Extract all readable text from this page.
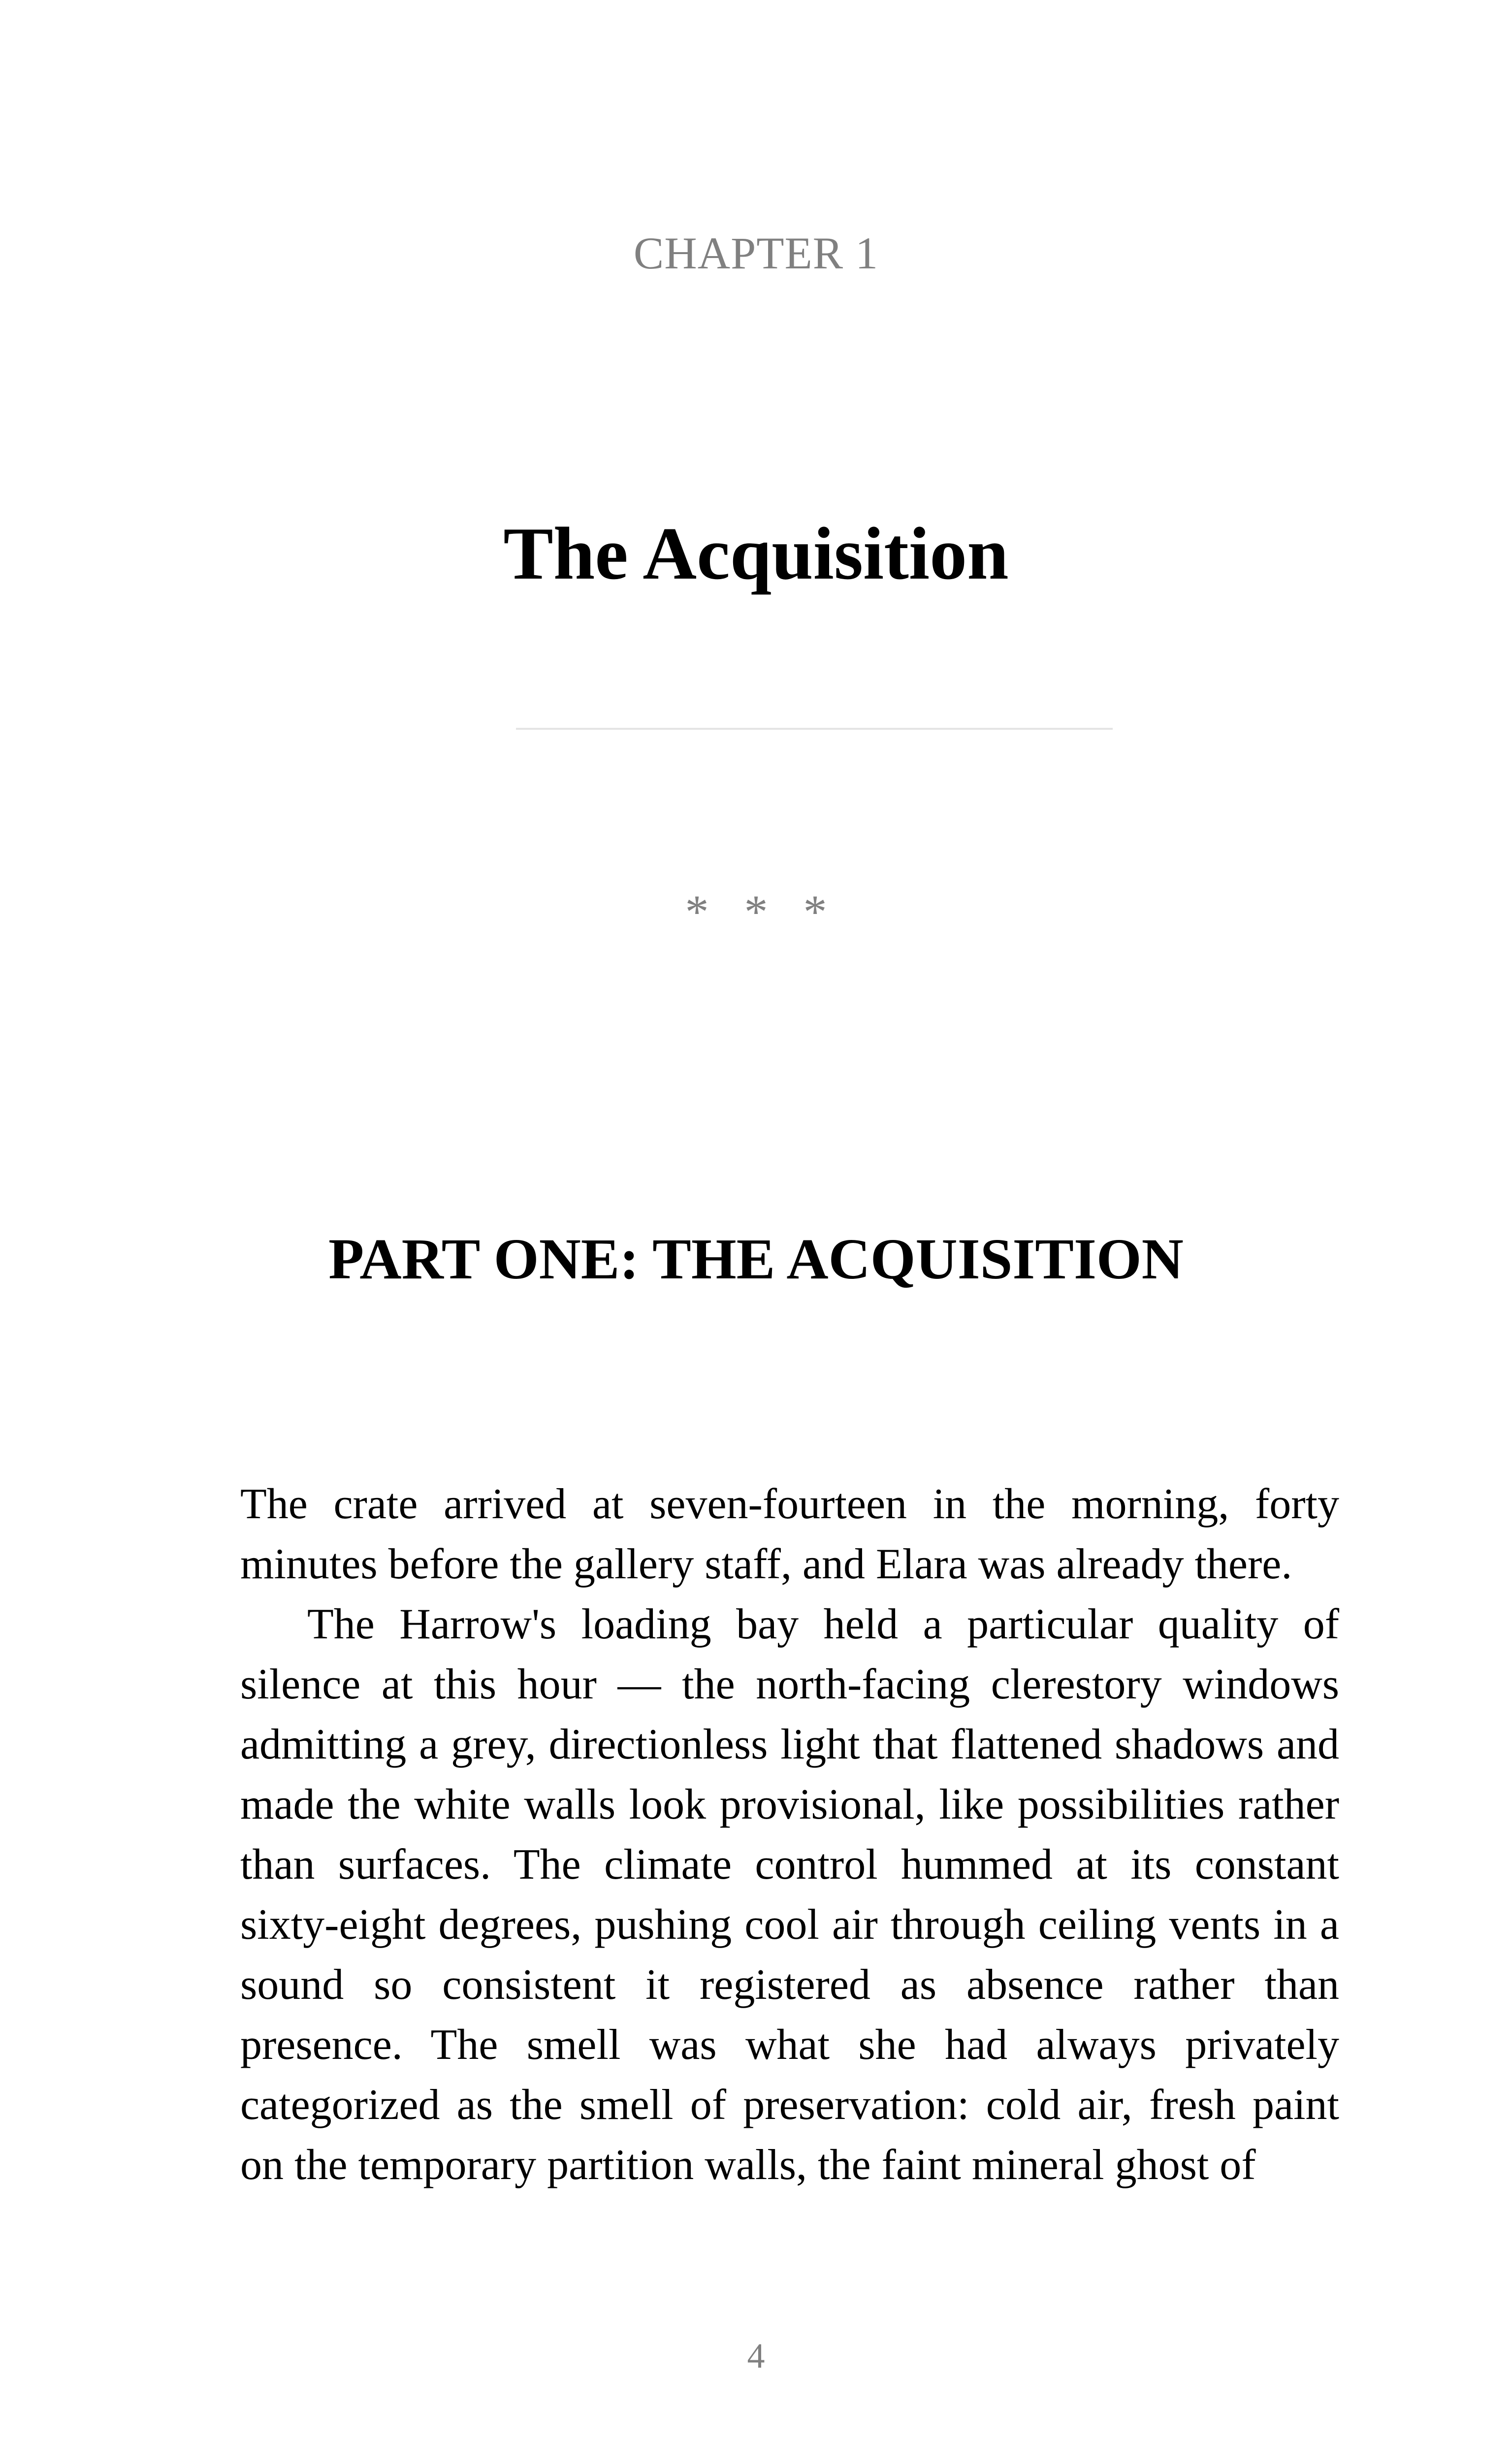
CHAPTER 1
The Acquisition
* * *
PART ONE: THE ACQUISITION

The crate arrived at seven-fourteen in the morning, forty minutes before the gallery staff, and Elara was already there.

The Harrow's loading bay held a particular quality of silence at this hour — the north-facing clerestory windows admitting a grey, directionless light that flattened shadows and made the white walls look provisional, like possibilities rather than surfaces. The climate control hummed at its constant sixty-eight degrees, pushing cool air through ceiling vents in a sound so consistent it registered as absence rather than presence. The smell was what she had always privately categorized as the smell of preservation: cold air, fresh paint on the temporary partition walls, the faint mineral ghost of

4
